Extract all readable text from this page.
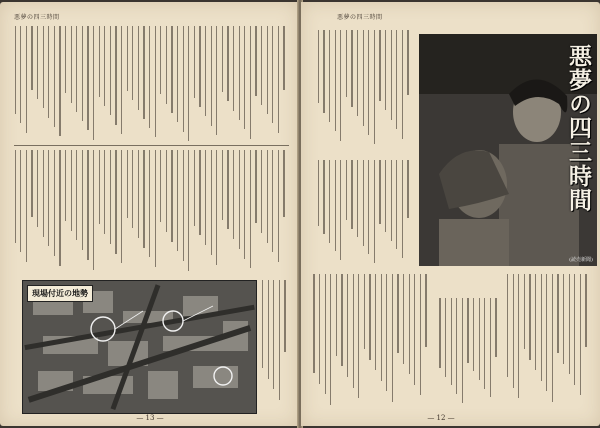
悪夢の四三時間
現場付近の地勢
— 13 —
悪夢の四三時間
悪夢の四三時間
(読売新聞)
— 12 —
